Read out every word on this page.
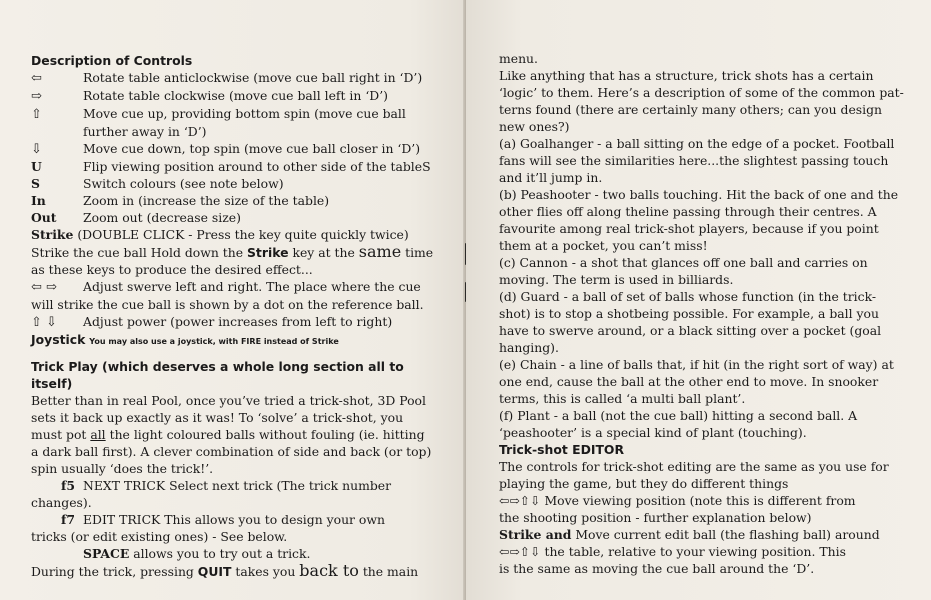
Description of Controls
⇦	Rotate table anticlockwise (move cue ball right in ‘D’)
⇨	Rotate table clockwise (move cue ball left in ‘D’)
⇧	Move cue up, providing bottom spin (move cue ball
further away in ‘D’)
⇩	Move cue down, top spin (move cue ball closer in ‘D’)
U	Flip viewing position around to other side of the tableS
S	Switch colours (see note below)
In	Zoom in (increase the size of the table)
Out Zoom out (decrease size)
Strike (DOUBLE CLICK - Press the key quite quickly twice)
Strike the cue ball Hold down the Strike key at the same time
as these keys to produce the desired effect...
⇦ ⇨ Adjust swerve left and right. The place where the cue
will strike the cue ball is shown by a dot on the reference ball.
⇧ ⇩ Adjust power (power increases from left to right)
Joystick You may also use a joystick, with FIRE instead of Strike
Trick Play (which deserves a whole long section all to
itself)
Better than in real Pool, once you’ve tried a trick-shot, 3D Pool
sets it back up exactly as it was! To ‘solve’ a trick-shot, you
must pot all the light coloured balls without fouling (ie. hitting
a dark ball first). A clever combination of side and back (or top)
spin usually ‘does the trick!’.
f5 NEXT TRICK Select next trick (The trick number
changes).
f7 EDIT TRICK This allows you to design your own
tricks (or edit existing ones) - See below.
SPACE allows you to try out a trick.
During the trick, pressing QUIT takes you back to the main
menu.
Like anything that has a structure, trick shots has a certain
‘logic’ to them. Here’s a description of some of the common pat-
terns found (there are certainly many others; can you design
new ones?)
(a) Goalhanger - a ball sitting on the edge of a pocket. Football
fans will see the similarities here...the slightest passing touch
and it’ll jump in.
(b) Peashooter - two balls touching. Hit the back of one and the
other flies off along theline passing through their centres. A
favourite among real trick-shot players, because if you point
them at a pocket, you can’t miss!
(c) Cannon - a shot that glances off one ball and carries on
moving. The term is used in billiards.
(d) Guard - a ball of set of balls whose function (in the trick-
shot) is to stop a shotbeing possible. For example, a ball you
have to swerve around, or a black sitting over a pocket (goal
hanging).
(e) Chain - a line of balls that, if hit (in the right sort of way) at
one end, cause the ball at the other end to move. In snooker
terms, this is called ‘a multi ball plant’.
(f) Plant - a ball (not the cue ball) hitting a second ball. A
‘peashooter’ is a special kind of plant (touching).
Trick-shot EDITOR
The controls for trick-shot editing are the same as you use for
playing the game, but they do different things
⇦⇨⇧⇩ Move viewing position (note this is different from
the shooting position - further explanation below)
Strike and Move current edit ball (the flashing ball) around
⇦⇨⇧⇩ the table, relative to your viewing position. This
is the same as moving the cue ball around the ‘D’.
